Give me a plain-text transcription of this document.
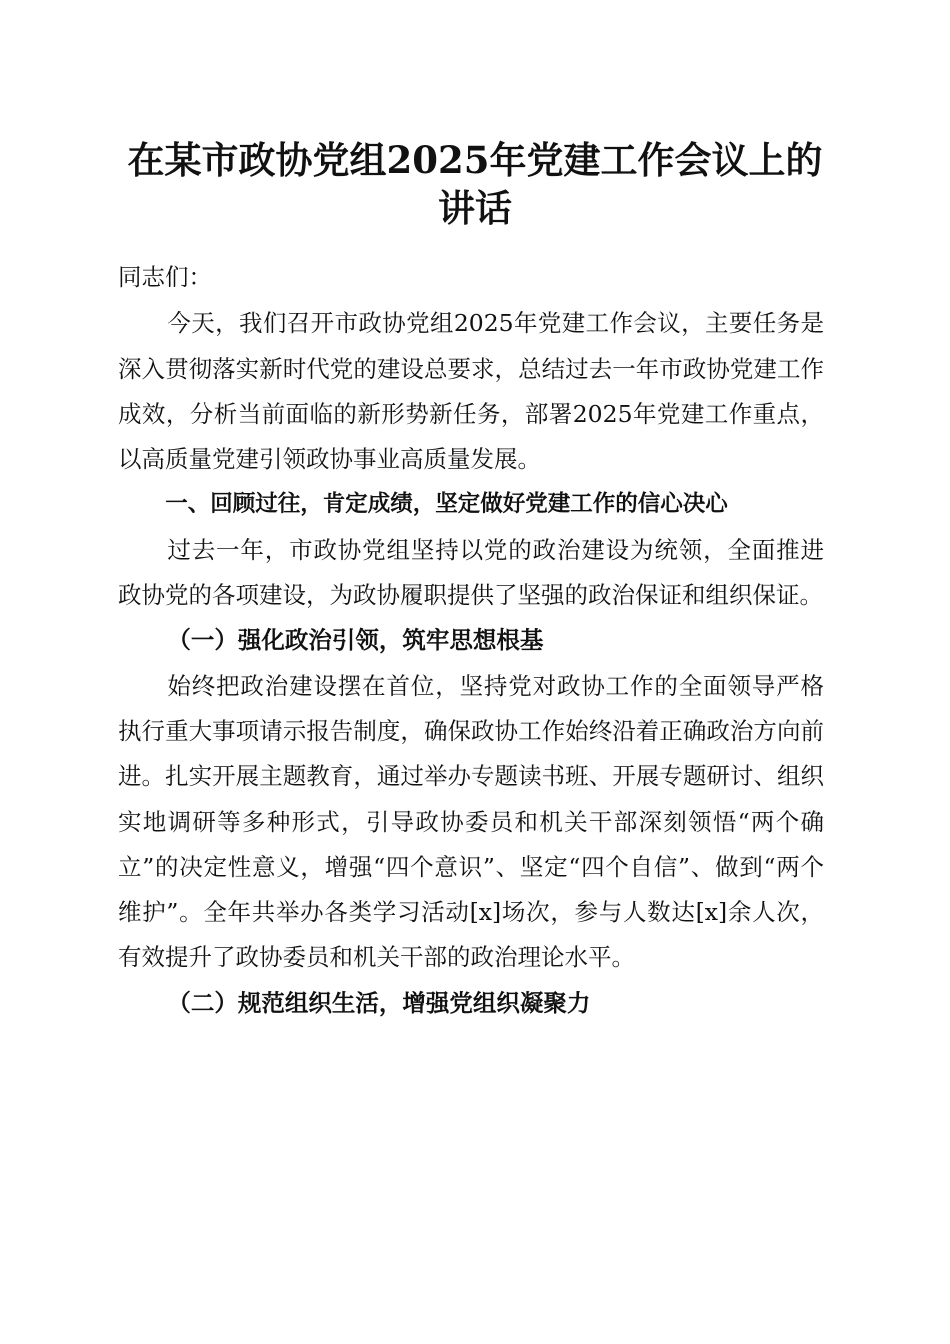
在某市政协党组2025年党建工作会议上的讲话

同志们：

今天，我们召开市政协党组2025年党建工作会议，主要任务是深入贯彻落实新时代党的建设总要求，总结过去一年市政协党建工作成效，分析当前面临的新形势新任务，部署2025年党建工作重点，以高质量党建引领政协事业高质量发展。

一、回顾过往，肯定成绩，坚定做好党建工作的信心决心

过去一年，市政协党组坚持以党的政治建设为统领，全面推进政协党的各项建设，为政协履职提供了坚强的政治保证和组织保证。

（一）强化政治引领，筑牢思想根基

始终把政治建设摆在首位，坚持党对政协工作的全面领导严格执行重大事项请示报告制度，确保政协工作始终沿着正确政治方向前进。扎实开展主题教育，通过举办专题读书班、开展专题研讨、组织实地调研等多种形式，引导政协委员和机关干部深刻领悟“两个确立”的决定性意义，增强“四个意识”、坚定“四个自信”、做到“两个维护”。全年共举办各类学习活动[x]场次，参与人数达[x]余人次，有效提升了政协委员和机关干部的政治理论水平。

（二）规范组织生活，增强党组织凝聚力
